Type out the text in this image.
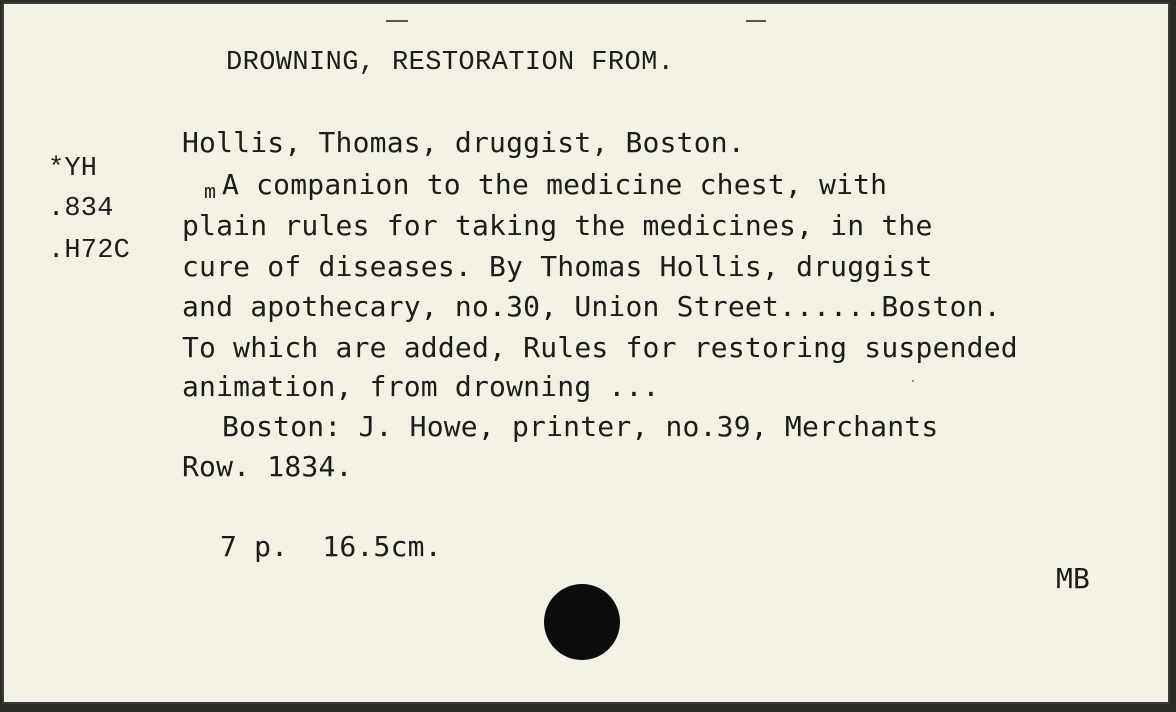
DROWNING, RESTORATION FROM.
*YH
.834
.H72C
Hollis, Thomas, druggist, Boston.
m A companion to the medicine chest, with
plain rules for taking the medicines, in the
cure of diseases. By Thomas Hollis, druggist
and apothecary, no.30, Union Street......Boston.
To which are added, Rules for restoring suspended
animation, from drowning ...
Boston: J. Howe, printer, no.39, Merchants
Row. 1834.
7 p.  16.5cm.
MB
